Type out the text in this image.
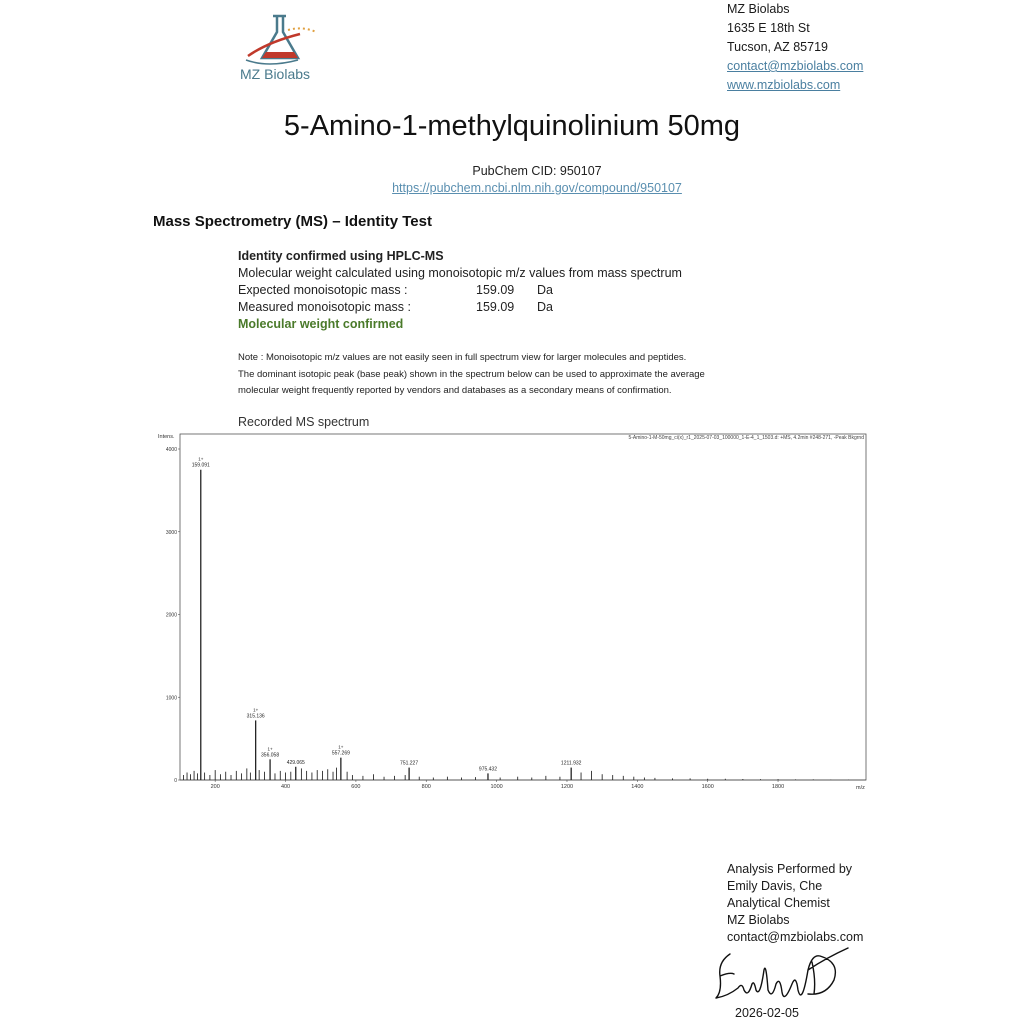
MZ Biolabs
MZ Biolabs
1635 E 18th St
Tucson, AZ 85719
contact@mzbiolabs.com
www.mzbiolabs.com
5-Amino-1-methylquinolinium 50mg
PubChem CID: 950107
https://pubchem.ncbi.nlm.nih.gov/compound/950107
Mass Spectrometry (MS) – Identity Test
Identity confirmed using HPLC-MS
Molecular weight calculated using monoisotopic m/z values from mass spectrum
Expected monoisotopic mass :	159.09 Da
Measured monoisotopic mass :	159.09 Da
Molecular weight confirmed
Note : Monoisotopic m/z values are not easily seen in full spectrum view for larger molecules and peptides.
The dominant isotopic peak (base peak) shown in the spectrum below can be used to approximate the average
molecular weight frequently reported by vendors and databases as a secondary means of confirmation.
Recorded MS spectrum
Intens.
m/z
5-Amino-1-M-50mg_ci(x)_r1_2025-07-03_100000_1-E-4_1_1503.d: +MS, 4.2min #248-271, -Peak Bkgrnd
0
1000
2000
3000
4000
200	400	600	800	1000	1200	1400	1600	1800
159.091
1+
315.136
1+
356.058
1+
429.065
557.269
1+
751.227
975.432
1211.932
Analysis Performed by
Emily Davis, Che
Analytical Chemist
MZ Biolabs
contact@mzbiolabs.com
2026-02-05
